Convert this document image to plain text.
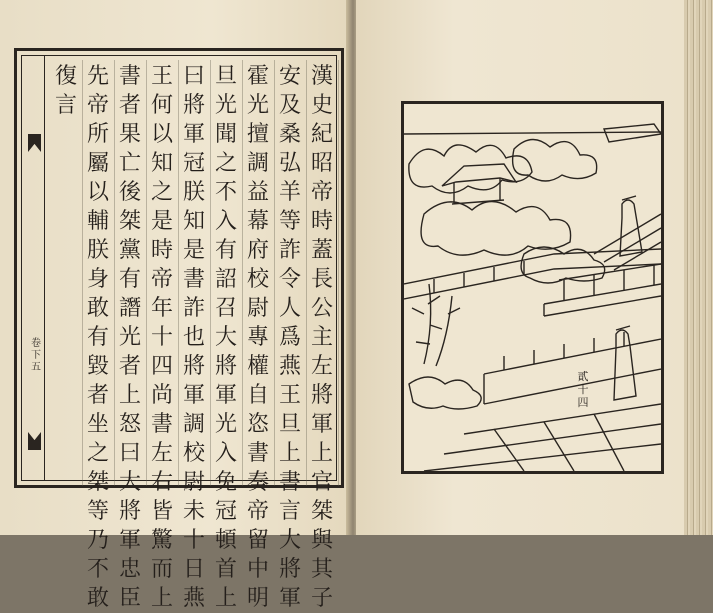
卷下五
漢史紀昭帝時蓋長公主左將軍上官桀與其子
安及桑弘羊等詐令人爲燕王旦上書言大將軍
霍光擅調益幕府校尉專權自恣書奏帝留中明
旦光聞之不入有詔召大將軍光入免冠頓首上
曰將軍冠朕知是書詐也將軍調校尉未十日燕
王何以知之是時帝年十四尚書左右皆驚而上
書者果亡後桀黨有譖光者上怒曰大將軍忠臣
先帝所屬以輔朕身敢有毀者坐之桀等乃不敢
復言
貳十四
